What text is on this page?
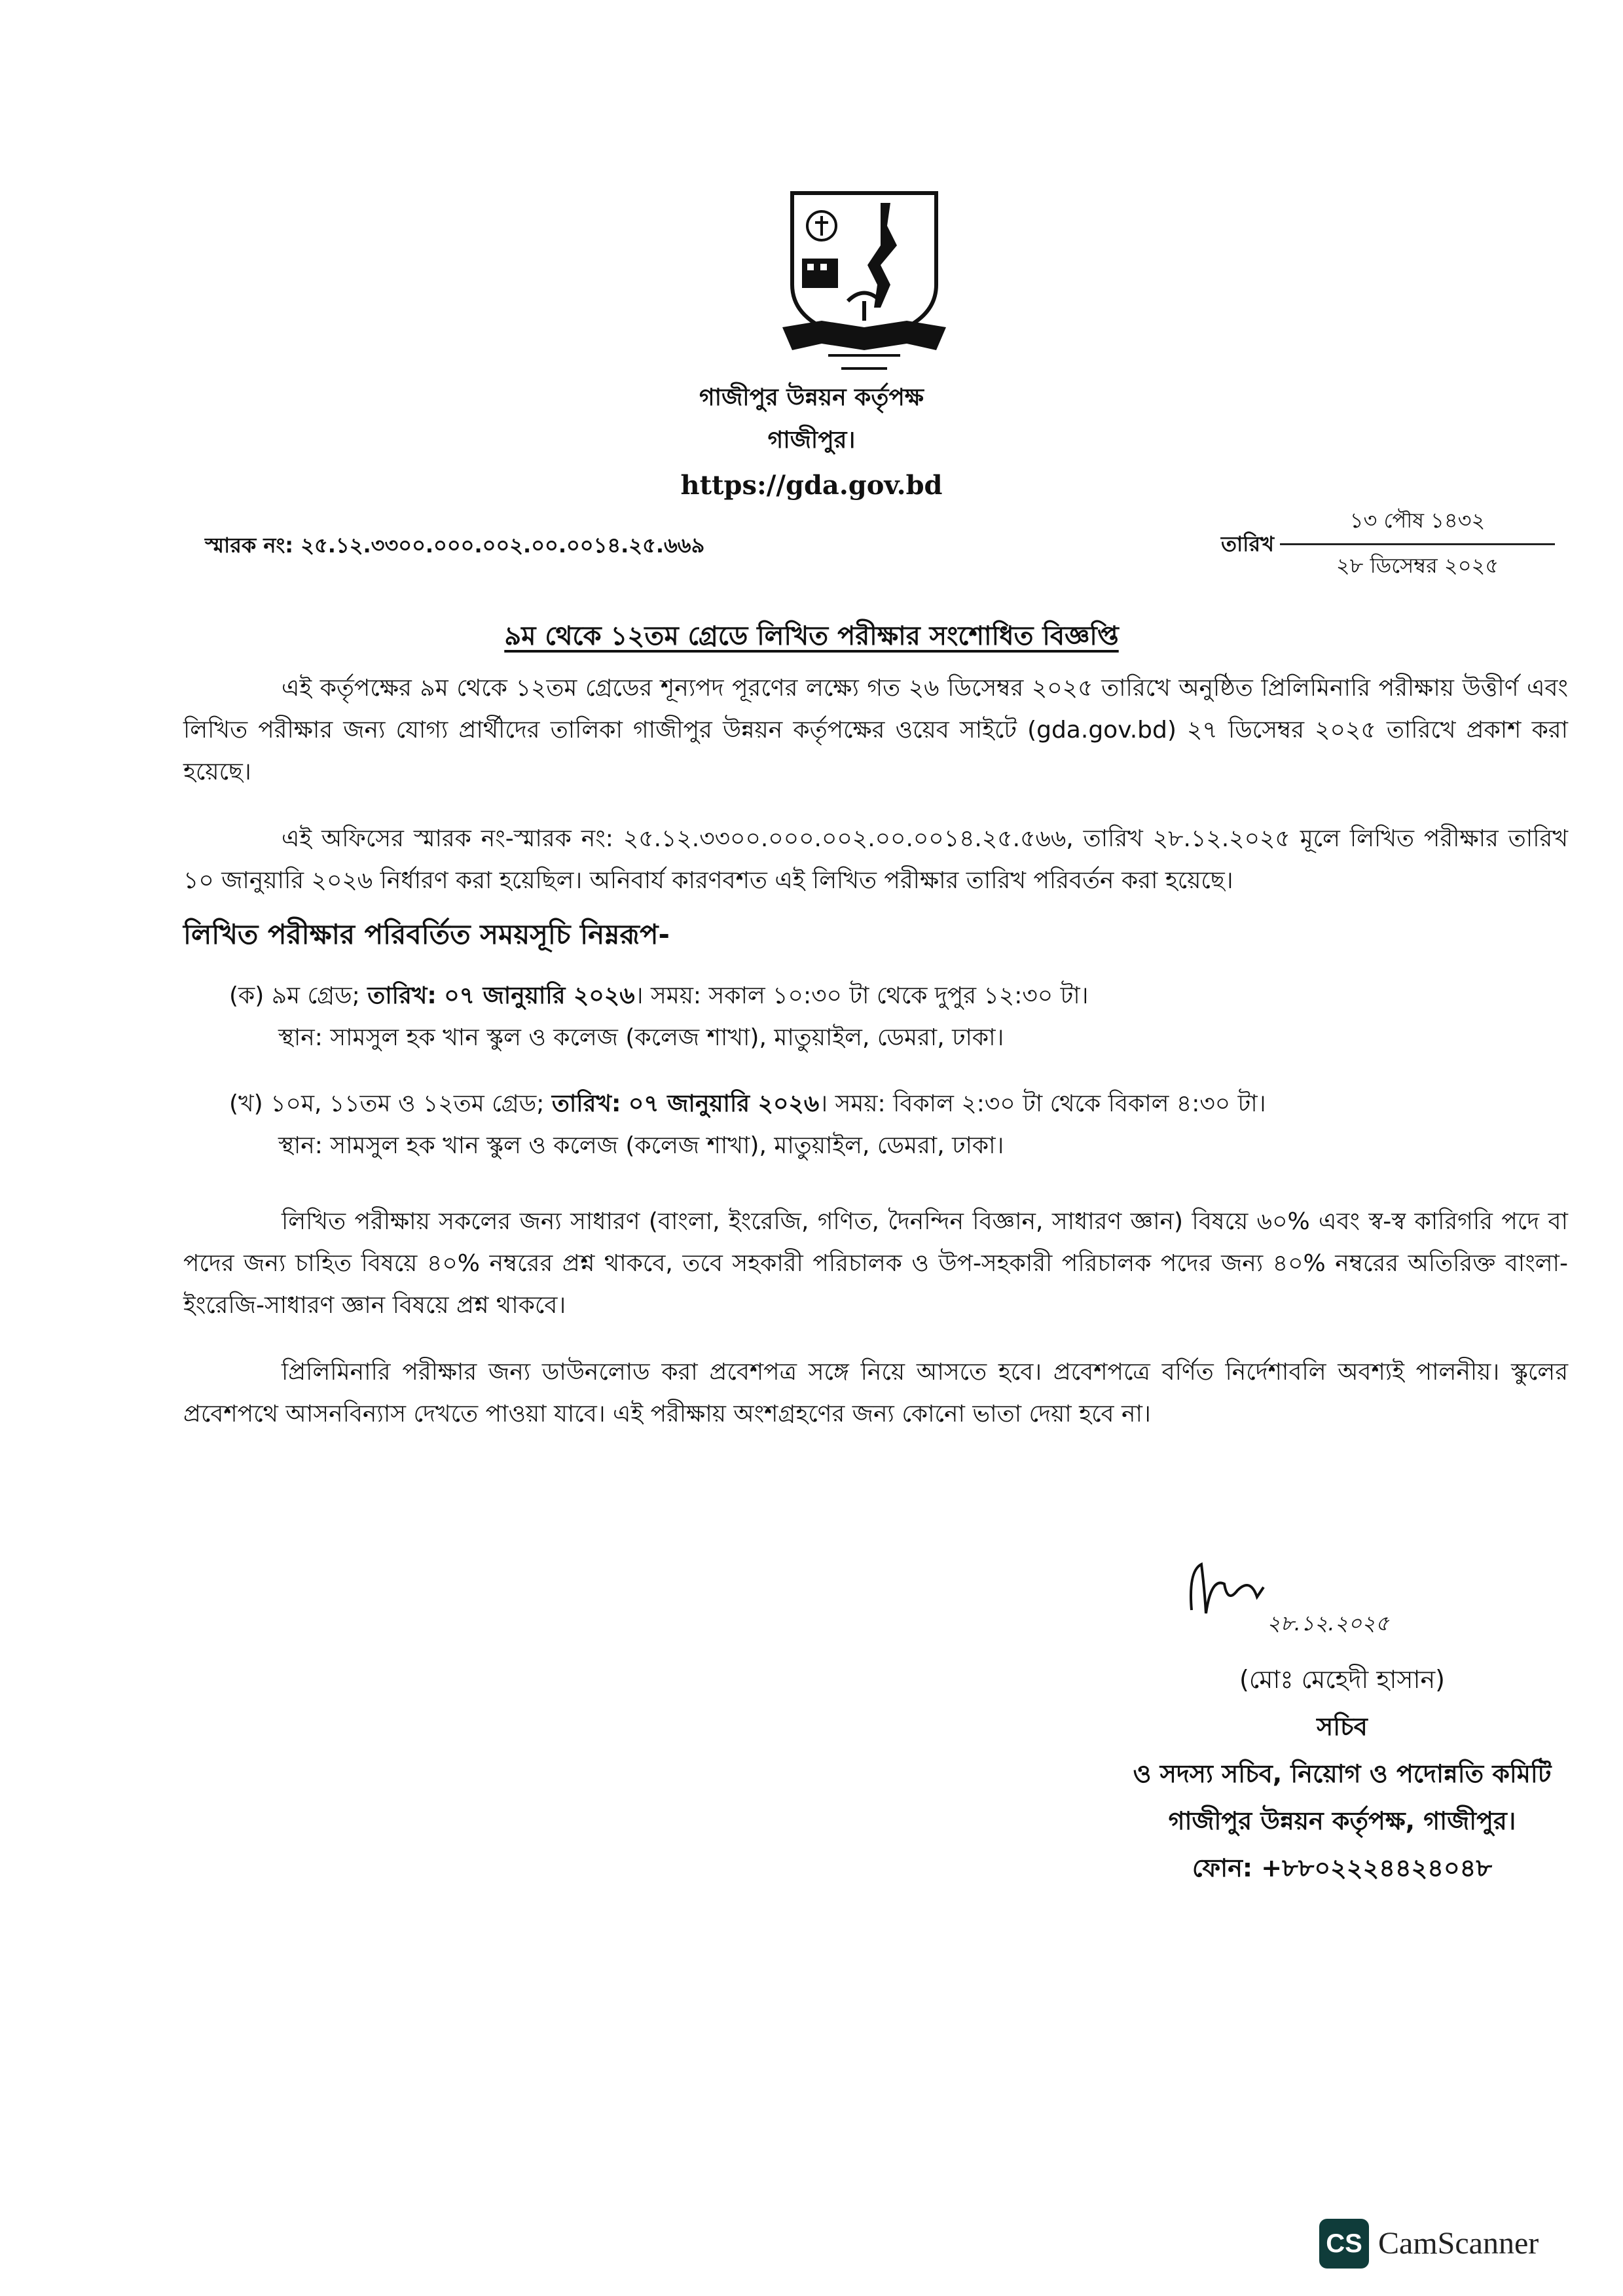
গাজীপুর উন্নয়ন কর্তৃপক্ষ
গাজীপুর।
https://gda.gov.bd
স্মারক নং: ২৫.১২.৩৩০০.০০০.০০২.০০.০০১৪.২৫.৬৬৯	তারিখ
১৩ পৌষ ১৪৩২
২৮ ডিসেম্বর ২০২৫
৯ম থেকে ১২তম গ্রেডে লিখিত পরীক্ষার সংশোধিত বিজ্ঞপ্তি
এই কর্তৃপক্ষের ৯ম থেকে ১২তম গ্রেডের শূন্যপদ পূরণের লক্ষ্যে গত ২৬ ডিসেম্বর ২০২৫ তারিখে অনুষ্ঠিত প্রিলিমিনারি পরীক্ষায় উত্তীর্ণ এবং লিখিত পরীক্ষার জন্য যোগ্য প্রার্থীদের তালিকা গাজীপুর উন্নয়ন কর্তৃপক্ষের ওয়েব সাইটে (gda.gov.bd) ২৭ ডিসেম্বর ২০২৫ তারিখে প্রকাশ করা হয়েছে।
এই অফিসের স্মারক নং-স্মারক নং: ২৫.১২.৩৩০০.০০০.০০২.০০.০০১৪.২৫.৫৬৬, তারিখ ২৮.১২.২০২৫ মূলে লিখিত পরীক্ষার তারিখ ১০ জানুয়ারি ২০২৬ নির্ধারণ করা হয়েছিল। অনিবার্য কারণবশত এই লিখিত পরীক্ষার তারিখ পরিবর্তন করা হয়েছে।
লিখিত পরীক্ষার পরিবর্তিত সময়সূচি নিম্নরূপ-
(ক) ৯ম গ্রেড; তারিখ: ০৭ জানুয়ারি ২০২৬। সময়: সকাল ১০:৩০ টা থেকে দুপুর ১২:৩০ টা।
স্থান: সামসুল হক খান স্কুল ও কলেজ (কলেজ শাখা), মাতুয়াইল, ডেমরা, ঢাকা।
(খ) ১০ম, ১১তম ও ১২তম গ্রেড; তারিখ: ০৭ জানুয়ারি ২০২৬। সময়: বিকাল ২:৩০ টা থেকে বিকাল ৪:৩০ টা।
স্থান: সামসুল হক খান স্কুল ও কলেজ (কলেজ শাখা), মাতুয়াইল, ডেমরা, ঢাকা।
লিখিত পরীক্ষায় সকলের জন্য সাধারণ (বাংলা, ইংরেজি, গণিত, দৈনন্দিন বিজ্ঞান, সাধারণ জ্ঞান) বিষয়ে ৬০% এবং স্ব-স্ব কারিগরি পদে বা পদের জন্য চাহিত বিষয়ে ৪০% নম্বরের প্রশ্ন থাকবে, তবে সহকারী পরিচালক ও উপ-সহকারী পরিচালক পদের জন্য ৪০% নম্বরের অতিরিক্ত বাংলা-ইংরেজি-সাধারণ জ্ঞান বিষয়ে প্রশ্ন থাকবে।
প্রিলিমিনারি পরীক্ষার জন্য ডাউনলোড করা প্রবেশপত্র সঙ্গে নিয়ে আসতে হবে। প্রবেশপত্রে বর্ণিত নির্দেশাবলি অবশ্যই পালনীয়। স্কুলের প্রবেশপথে আসনবিন্যাস দেখতে পাওয়া যাবে। এই পরীক্ষায় অংশগ্রহণের জন্য কোনো ভাতা দেয়া হবে না।
২৮.১২.২০২৫
(মোঃ মেহেদী হাসান)
সচিব
ও সদস্য সচিব, নিয়োগ ও পদোন্নতি কমিটি
গাজীপুর উন্নয়ন কর্তৃপক্ষ, গাজীপুর।
ফোন: +৮৮০২২২৪৪২৪০৪৮
CS CamScanner
